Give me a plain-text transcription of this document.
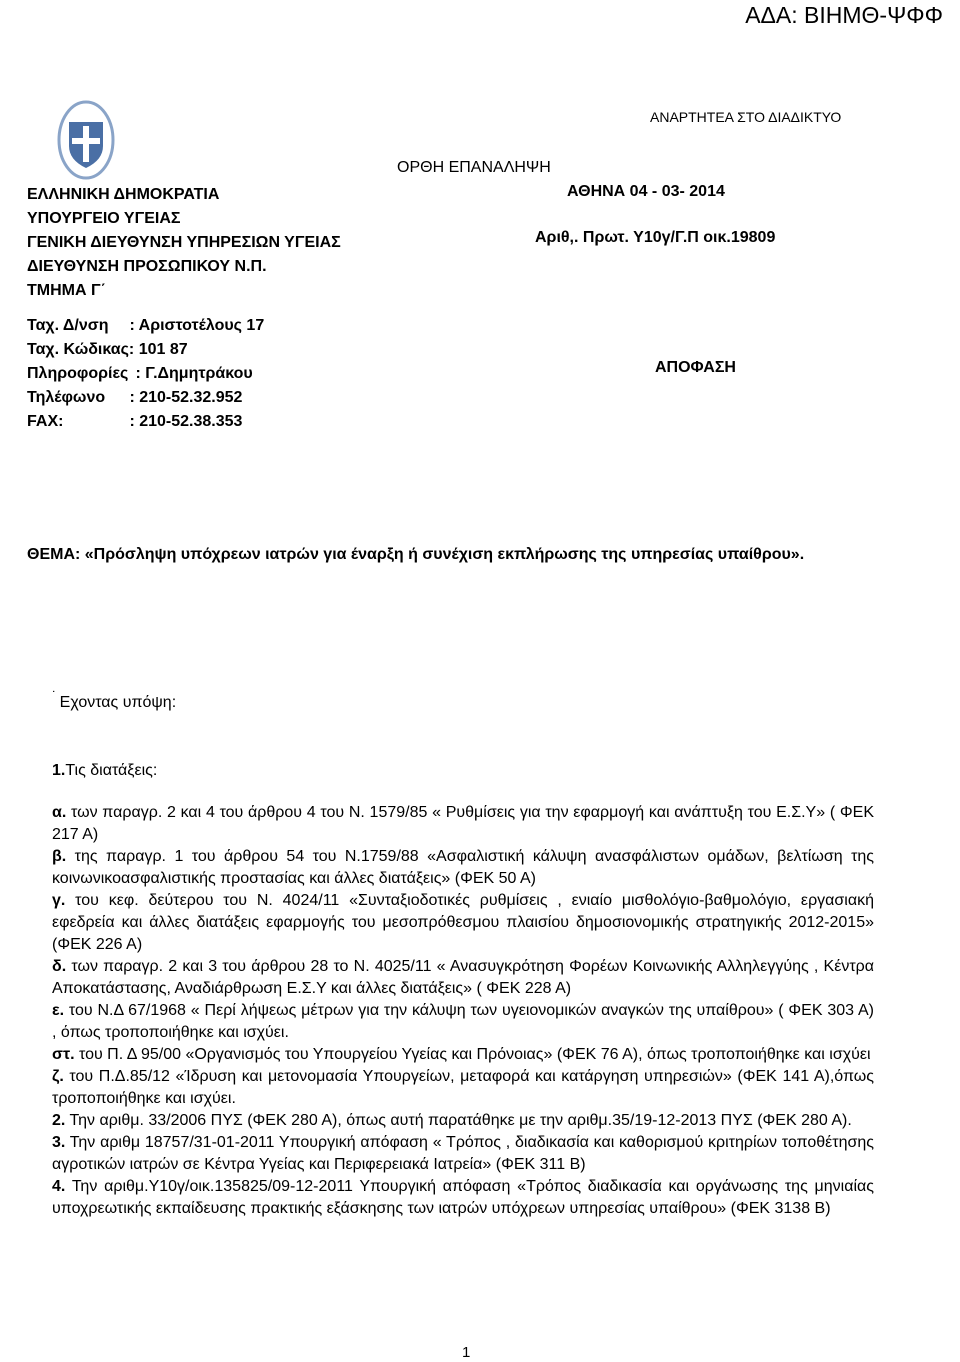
ΑΔΑ: ΒΙΗΜΘ-ΨΦΦ
ΑΝΑΡΤΗΤΕΑ ΣΤΟ ΔΙΑΔΙΚΤΥΟ
ΟΡΘΗ ΕΠΑΝΑΛΗΨΗ
ΕΛΛΗΝΙΚΗ ΔΗΜΟΚΡΑΤΙΑ
ΥΠΟΥΡΓΕΙΟ ΥΓΕΙΑΣ
ΓΕΝΙΚΗ ΔΙΕΥΘΥΝΣΗ ΥΠΗΡΕΣΙΩΝ ΥΓΕΙΑΣ
ΔΙΕΥΘΥΝΣΗ ΠΡΟΣΩΠΙΚΟΥ Ν.Π.
ΤΜΗΜΑ Γ΄
ΑΘΗΝΑ 04 - 03- 2014
Αριθ,. Πρωτ. Υ10γ/Γ.Π οικ.19809
Ταχ. Δ/νση : Αριστοτέλους 17
Ταχ. Κώδικας: 101 87
Πληροφορίες : Γ.Δημητράκου
Τηλέφωνο : 210-52.32.952
FAX:	: 210-52.38.353
ΑΠΟΦΑΣΗ
ΘΕΜΑ: «Πρόσληψη υπόχρεων ιατρών για έναρξη ή συνέχιση εκπλήρωσης της υπηρεσίας υπαίθρου».
˙ Εχοντας υπόψη:

1.Τις διατάξεις:

α. των παραγρ. 2 και 4 του άρθρου 4 του Ν. 1579/85 « Ρυθμίσεις για την εφαρμογή και ανάπτυξη του Ε.Σ.Υ» ( ΦΕΚ 217 Α)

β. της παραγρ. 1 του άρθρου 54 του Ν.1759/88 «Ασφαλιστική κάλυψη ανασφάλιστων ομάδων, βελτίωση της κοινωνικοασφαλιστικής προστασίας και άλλες διατάξεις» (ΦΕΚ 50 Α)

γ. του κεφ. δεύτερου του Ν. 4024/11 «Συνταξιοδοτικές ρυθμίσεις , ενιαίο μισθολόγιο-βαθμολόγιο, εργασιακή εφεδρεία και άλλες διατάξεις εφαρμογής του μεσοπρόθεσμου πλαισίου δημοσιονομικής στρατηγικής 2012-2015» (ΦΕΚ 226 Α)

δ. των παραγρ. 2 και 3 του άρθρου 28 το Ν. 4025/11 « Ανασυγκρότηση Φορέων Κοινωνικής Αλληλεγγύης , Κέντρα Αποκατάστασης, Αναδιάρθρωση Ε.Σ.Υ και άλλες διατάξεις» ( ΦΕΚ 228 Α)

ε. του Ν.Δ 67/1968 « Περί λήψεως μέτρων για την κάλυψη των υγειονομικών αναγκών της υπαίθρου» ( ΦΕΚ 303 Α) , όπως τροποποιήθηκε και ισχύει.

στ. του Π. Δ 95/00 «Οργανισμός του Υπουργείου Υγείας και Πρόνοιας» (ΦΕΚ 76 Α), όπως τροποποιήθηκε και ισχύει

ζ. του Π.Δ.85/12 «Ίδρυση και μετονομασία Υπουργείων, μεταφορά και κατάργηση υπηρεσιών» (ΦΕΚ 141 Α),όπως τροποποιήθηκε και ισχύει.

2. Την αριθμ. 33/2006 ΠΥΣ (ΦΕΚ 280 Α), όπως αυτή παρατάθηκε με την αριθμ.35/19-12-2013 ΠΥΣ (ΦΕΚ 280 Α).

3. Την αριθμ 18757/31-01-2011 Υπουργική απόφαση « Τρόπος , διαδικασία και καθορισμού κριτηρίων τοποθέτησης αγροτικών ιατρών σε Κέντρα Υγείας και Περιφερειακά Ιατρεία» (ΦΕΚ 311 Β)

4. Την αριθμ.Υ10γ/οικ.135825/09-12-2011 Υπουργική απόφαση «Τρόπος διαδικασία και οργάνωσης της μηνιαίας υποχρεωτικής εκπαίδευσης πρακτικής εξάσκησης των ιατρών υπόχρεων υπηρεσίας υπαίθρου» (ΦΕΚ 3138 Β)

1
